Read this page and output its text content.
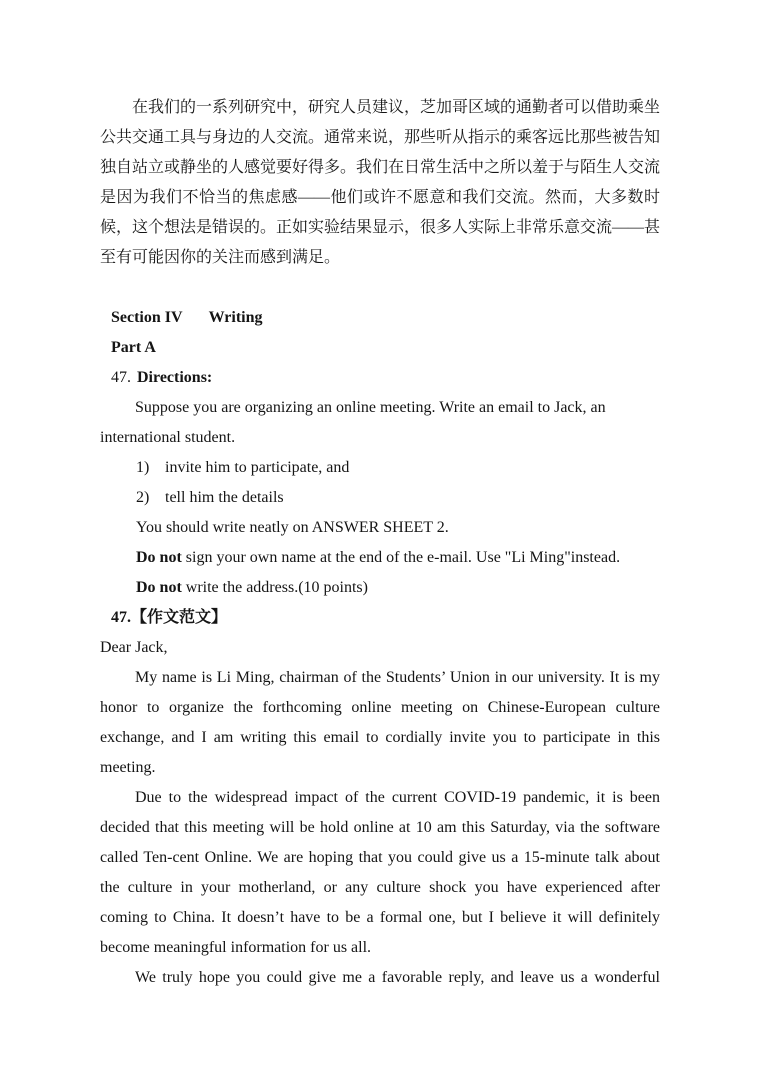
在我们的一系列研究中，研究人员建议，芝加哥区域的通勤者可以借助乘坐公共交通工具与身边的人交流。通常来说，那些听从指示的乘客远比那些被告知独自站立或静坐的人感觉要好得多。我们在日常生活中之所以羞于与陌生人交流是因为我们不恰当的焦虑感——他们或许不愿意和我们交流。然而，大多数时候，这个想法是错误的。正如实验结果显示，很多人实际上非常乐意交流——甚至有可能因你的关注而感到满足。

Section IV Writing

Part A

47. Directions:

Suppose you are organizing an online meeting. Write an email to Jack, an international student.

1) invite him to participate, and
2) tell him the details

You should write neatly on ANSWER SHEET 2.

Do not sign your own name at the end of the e-mail. Use "Li Ming"instead.

Do not write the address.(10 points)

47.【作文范文】

Dear Jack,

My name is Li Ming, chairman of the Students’ Union in our university. It is my honor to organize the forthcoming online meeting on Chinese-European culture exchange, and I am writing this email to cordially invite you to participate in this meeting.

Due to the widespread impact of the current COVID-19 pandemic, it is been decided that this meeting will be hold online at 10 am this Saturday, via the software called Ten-cent Online. We are hoping that you could give us a 15-minute talk about the culture in your motherland, or any culture shock you have experienced after coming to China. It doesn’t have to be a formal one, but I believe it will definitely become meaningful information for us all.

We truly hope you could give me a favorable reply, and leave us a wonderful
